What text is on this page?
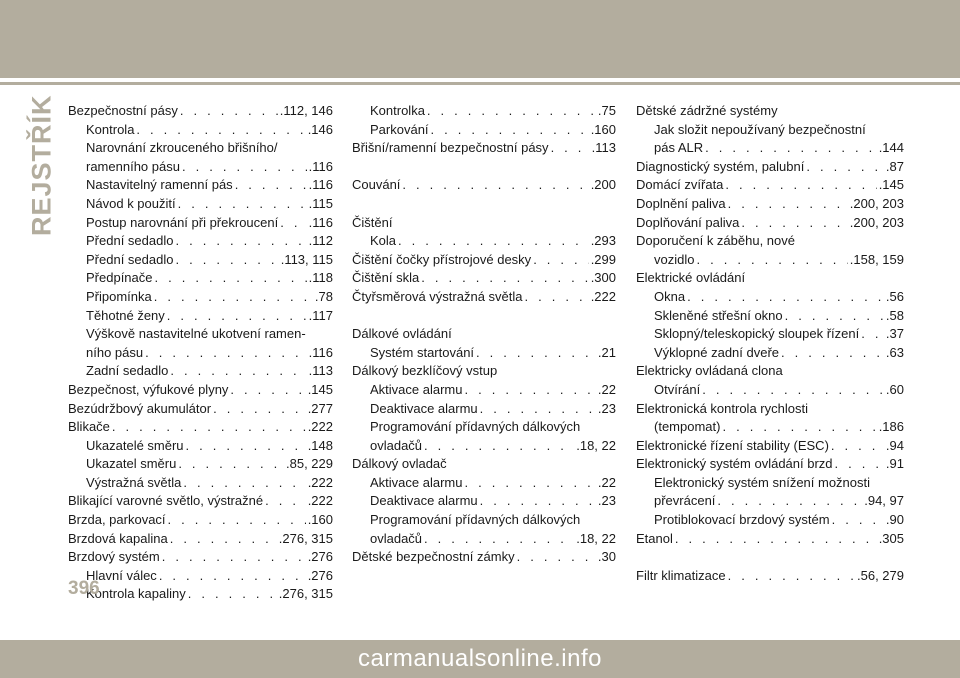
REJSTŘÍK Bezpečnostní pásy . . .	.112, 146
Kontrola . . .	.146
Narovnání zkrouceného břišního/
ramenního pásu . . .	.116
Nastavitelný ramenní pás . . .	.116
Návod k použití . . .	.115
Postup narovnání při překroucení . . . .116
Přední sedadlo . . .	.112
Přední sedadlo . . .	.113, 115
Předpínače . . .	.118
Připomínka . . .	.78
Těhotné ženy . . .	.117
Výškově nastavitelné ukotvení ramen-
ního pásu . . .	.116
Zadní sedadlo . . .	.113
Bezpečnost, výfukové plyny . . .	.145
Bezúdržbový akumulátor . . .	.277
Blikače . . .	.222
Ukazatelé směru . . .	.148
Ukazatel směru . . .	.85, 229
Výstražná světla . . .	.222
Blikající varovné světlo, výstražné . . .	.222
Brzda, parkovací . . .	.160
Brzdová kapalina . . .	.276, 315
Brzdový systém . . .	.276
Hlavní válec . . .	.276
Kontrola kapaliny . . .	.276, 315
Kontrolka . . .	.75
Parkování . . .	.160
Břišní/ramenní bezpečnostní pásy . . .	.113
Couvání . . .	.200
Čištění
Kola . . .	.293
Čištění čočky přístrojové desky . . .	.299
Čištění skla . . .	.300
Čtyřsměrová výstražná světla . . .	.222
Dálkové ovládání
Systém startování . . .	.21
Dálkový bezklíčový vstup
Aktivace alarmu . . .	.22
Deaktivace alarmu . . .	.23
Programování přídavných dálkových
ovladačů . . .	.18, 22
Dálkový ovladač
Aktivace alarmu . . .	.22
Deaktivace alarmu . . .	.23
Programování přídavných dálkových
ovladačů . . .	.18, 22
Dětské bezpečnostní zámky . . .	.30
Dětské zádržné systémy
Jak složit nepoužívaný bezpečnostní
pás ALR . . .	.144
Diagnostický systém, palubní . . .	.87
Domácí zvířata . . .	.145
Doplnění paliva . . .	.200, 203
Doplňování paliva . . .	.200, 203
Doporučení k záběhu, nové
vozidlo . . .	.158, 159
Elektrické ovládání
Okna . . .	.56
Skleněné střešní okno . . .	.58
Sklopný/teleskopický sloupek řízení . . . .37
Výklopné zadní dveře . . .	.63
Elektricky ovládaná clona
Otvírání . . .	.60
Elektronická kontrola rychlosti
(tempomat) . . .	.186
Elektronické řízení stability (ESC) . . .	.94
Elektronický systém ovládání brzd . . .	.91
Elektronický systém snížení možnosti
převrácení . . .	.94, 97
Protiblokovací brzdový systém . . .	.90
Etanol . . .	.305
Filtr klimatizace . . .	.56, 279
396
carmanualsonline.info
